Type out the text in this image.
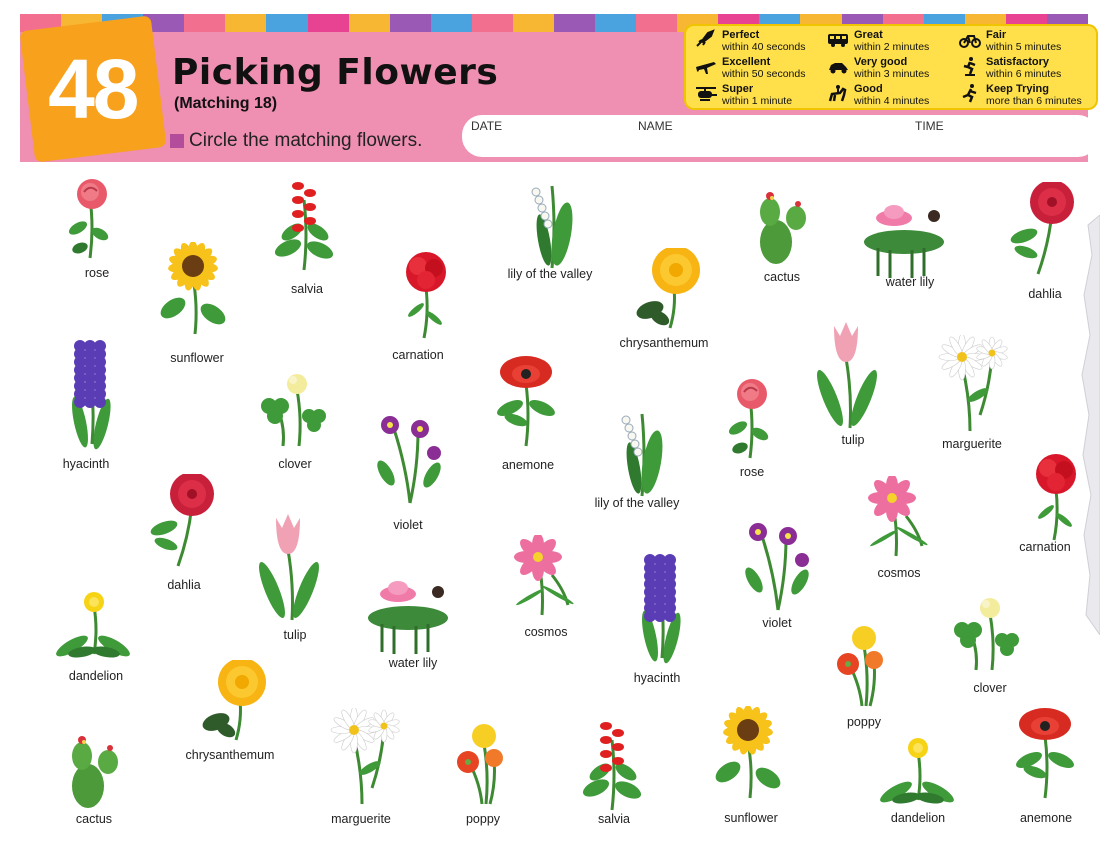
48 Picking Flowers
(Matching 18)
Circle the matching flowers.
DATE	NAME	TIME
Perfect
within 40 seconds
Excellent
within 50 seconds
Super
within 1 minute
Great
within 2 minutes
Very good
within 3 minutes
Good
within 4 minutes
Fair
within 5 minutes
Satisfactory
within 6 minutes
Keep Trying
more than 6 minutes
rose
sunflower
salvia
carnation
lily of the valley
chrysanthemum
cactus	water lily
dahlia
hyacinth	clover
violet
anemone
lily of the valley
rose
tulip	marguerite
dahlia
tulip
water lily
cosmos
hyacinth
violet
cosmos
carnation
dandelion
chrysanthemum
poppy
clover
cactus	marguerite	poppy	salvia	sunflower	dandelion	anemone
